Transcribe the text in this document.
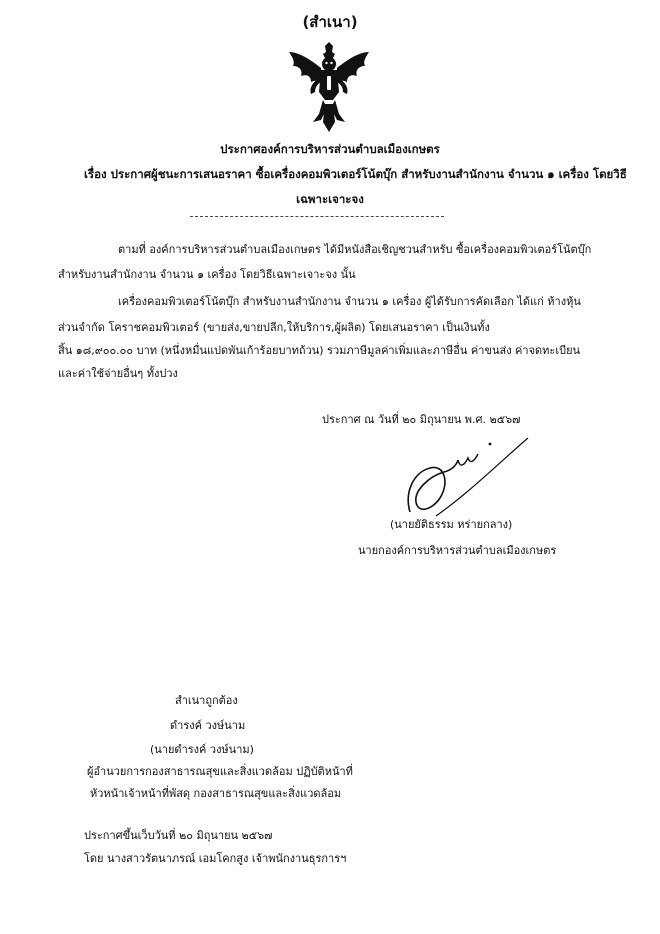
(สำเนา)
ประกาศองค์การบริหารส่วนตำบลเมืองเกษตร
เรื่อง ประกาศผู้ชนะการเสนอราคา ซื้อเครื่องคอมพิวเตอร์โน้ตบุ๊ก สำหรับงานสำนักงาน จำนวน ๑ เครื่อง โดยวิธี
เฉพาะเจาะจง
ตามที่ องค์การบริหารส่วนตำบลเมืองเกษตร ได้มีหนังสือเชิญชวนสำหรับ ซื้อเครื่องคอมพิวเตอร์โน้ตบุ๊ก
สำหรับงานสำนักงาน จำนวน ๑ เครื่อง โดยวิธีเฉพาะเจาะจง นั้น
เครื่องคอมพิวเตอร์โน้ตบุ๊ก สำหรับงานสำนักงาน จำนวน ๑ เครื่อง ผู้ได้รับการคัดเลือก ได้แก่ ห้างหุ้น
ส่วนจำกัด โคราชคอมพิวเตอร์ (ขายส่ง,ขายปลีก,ให้บริการ,ผู้ผลิต) โดยเสนอราคา เป็นเงินทั้ง
สิ้น ๑๘,๙๐๐.๐๐ บาท (หนึ่งหมื่นแปดพันเก้าร้อยบาทถ้วน) รวมภาษีมูลค่าเพิ่มและภาษีอื่น ค่าขนส่ง ค่าจดทะเบียน
และค่าใช้จ่ายอื่นๆ ทั้งปวง
ประกาศ ณ วันที่ ๒๐ มิถุนายน พ.ศ. ๒๕๖๗
(นายยัติธรรม หร่ายกลาง)
นายกองค์การบริหารส่วนตำบลเมืองเกษตร
สำเนาถูกต้อง
ดำรงค์ วงษ์นาม
(นายดำรงค์ วงษ์นาม)
ผู้อำนวยการกองสาธารณสุขและสิ่งแวดล้อม ปฏิบัติหน้าที่
หัวหน้าเจ้าหน้าที่พัสดุ กองสาธารณสุขและสิ่งแวดล้อม
ประกาศขึ้นเว็บวันที่ ๒๐ มิถุนายน ๒๕๖๗
โดย นางสาวรัตนาภรณ์ เอมโคกสูง เจ้าพนักงานธุรการฯ
